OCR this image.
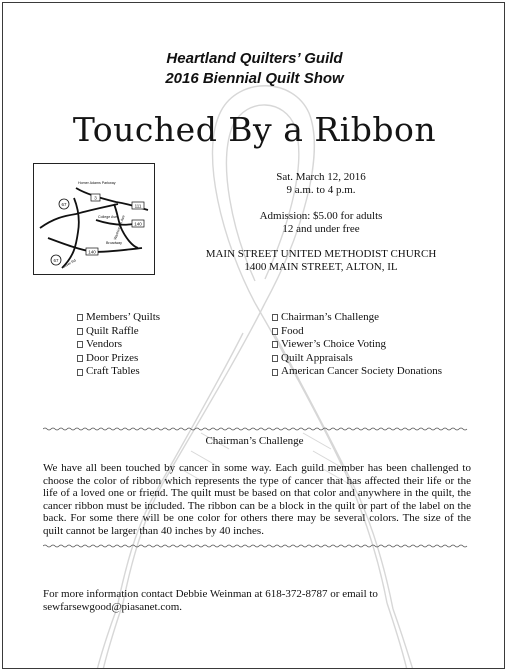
Heartland Quilters’ Guild
2016 Biennial Quilt Show
Touched By a Ribbon
67
3
111
140
140
67
Homer Adams Parkway
College Ave
Washington Ave
Broadway
River Rd
Sat. March 12, 2016
9 a.m. to 4 p.m.
Admission: $5.00 for adults
12 and under free
MAIN STREET UNITED METHODIST CHURCH
1400 MAIN STREET, ALTON, IL
Members’ Quilts
Quilt Raffle
Vendors
Door Prizes
Craft Tables
Chairman’s Challenge
Food
Viewer’s Choice Voting
Quilt Appraisals
American Cancer Society Donations
Chairman’s Challenge
We have all been touched by cancer in some way. Each guild member has been challenged to choose the color of ribbon which represents the type of cancer that has affected their life or the life of a loved one or friend. The quilt must be based on that color and anywhere in the quilt, the cancer ribbon must be included. The ribbon can be a block in the quilt or part of the label on the back. For some there will be one color for others there may be several colors. The size of the quilt cannot be larger than 40 inches by 40 inches.
For more information contact Debbie Weinman at 618-372-8787 or email to
sewfarsewgood@piasanet.com.
